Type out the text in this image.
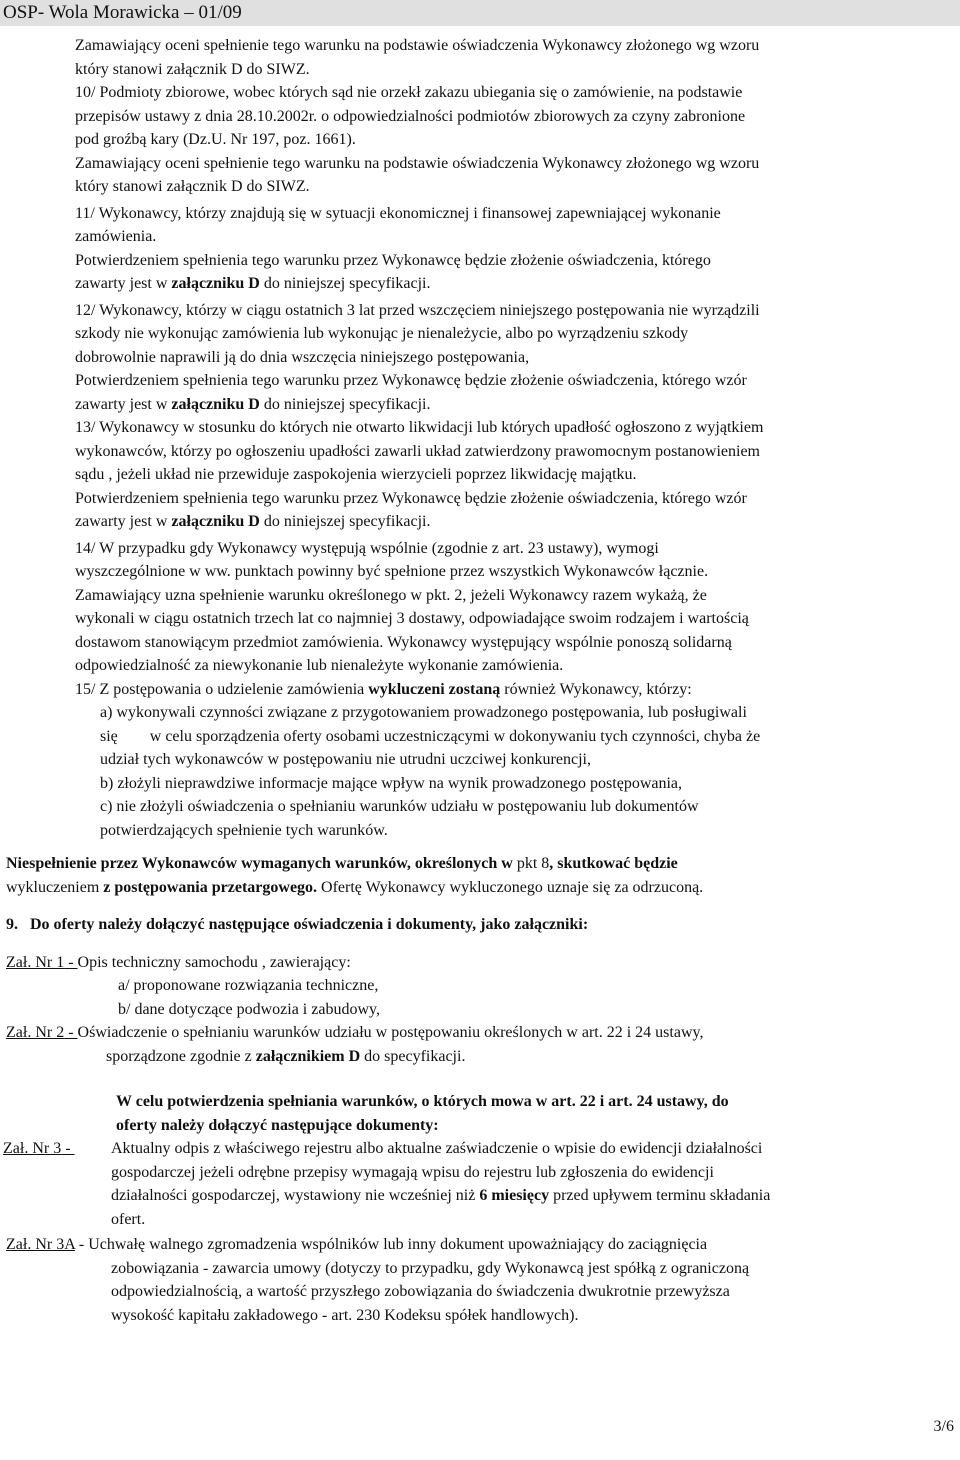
OSP- Wola Morawicka – 01/09

Zamawiający oceni spełnienie tego warunku na podstawie oświadczenia Wykonawcy złożonego wg wzoru

który stanowi załącznik D do SIWZ.

10/ Podmioty zbiorowe, wobec których sąd nie orzekł zakazu ubiegania się o zamówienie, na podstawie

przepisów ustawy z dnia 28.10.2002r. o odpowiedzialności podmiotów zbiorowych za czyny zabronione

pod groźbą kary (Dz.U. Nr 197, poz. 1661).

Zamawiający oceni spełnienie tego warunku na podstawie oświadczenia Wykonawcy złożonego wg wzoru

który stanowi załącznik D do SIWZ.

11/ Wykonawcy, którzy znajdują się w sytuacji ekonomicznej i finansowej zapewniającej wykonanie

zamówienia.

Potwierdzeniem spełnienia tego warunku przez Wykonawcę będzie złożenie oświadczenia, którego

zawarty jest w załączniku D do niniejszej specyfikacji.

12/ Wykonawcy, którzy w ciągu ostatnich 3 lat przed wszczęciem niniejszego postępowania nie wyrządzili

szkody nie wykonując zamówienia lub wykonując je nienależycie, albo po wyrządzeniu szkody

dobrowolnie naprawili ją do dnia wszczęcia niniejszego postępowania,

Potwierdzeniem spełnienia tego warunku przez Wykonawcę będzie złożenie oświadczenia, którego wzór

zawarty jest w załączniku D do niniejszej specyfikacji.

13/ Wykonawcy w stosunku do których nie otwarto likwidacji lub których upadłość ogłoszono z wyjątkiem

wykonawców, którzy po ogłoszeniu upadłości zawarli układ zatwierdzony prawomocnym postanowieniem

sądu , jeżeli układ nie przewiduje zaspokojenia wierzycieli poprzez likwidację majątku.

Potwierdzeniem spełnienia tego warunku przez Wykonawcę będzie złożenie oświadczenia, którego wzór

zawarty jest w załączniku D do niniejszej specyfikacji.

14/ W przypadku gdy Wykonawcy występują wspólnie (zgodnie z art. 23 ustawy), wymogi

wyszczególnione w ww. punktach powinny być spełnione przez wszystkich Wykonawców łącznie.

Zamawiający uzna spełnienie warunku określonego w pkt. 2, jeżeli Wykonawcy razem wykażą, że

wykonali w ciągu ostatnich trzech lat co najmniej 3 dostawy, odpowiadające swoim rodzajem i wartością

dostawom stanowiącym przedmiot zamówienia. Wykonawcy występujący wspólnie ponoszą solidarną

odpowiedzialność za niewykonanie lub nienależyte wykonanie zamówienia.

15/ Z postępowania o udzielenie zamówienia wykluczeni zostaną również Wykonawcy, którzy:

a) wykonywali czynności związane z przygotowaniem prowadzonego postępowania, lub posługiwali

się        w celu sporządzenia oferty osobami uczestniczącymi w dokonywaniu tych czynności, chyba że

udział tych wykonawców w postępowaniu nie utrudni uczciwej konkurencji,

b) złożyli nieprawdziwe informacje mające wpływ na wynik prowadzonego postępowania,

c) nie złożyli oświadczenia o spełnianiu warunków udziału w postępowaniu lub dokumentów

potwierdzających spełnienie tych warunków.

Niespełnienie przez Wykonawców wymaganych warunków, określonych w pkt 8, skutkować będzie

wykluczeniem z postępowania przetargowego. Ofertę Wykonawcy wykluczonego uznaje się za odrzuconą.

9.   Do oferty należy dołączyć następujące oświadczenia i dokumenty, jako załączniki:

Zał. Nr 1 - Opis techniczny samochodu , zawierający:

a/ proponowane rozwiązania techniczne,

b/ dane dotyczące podwozia i zabudowy,

Zał. Nr 2 - Oświadczenie o spełnianiu warunków udziału w postępowaniu określonych w art. 22 i 24 ustawy,

sporządzone zgodnie z załącznikiem D do specyfikacji.

W celu potwierdzenia spełniania warunków, o których mowa w art. 22 i art. 24 ustawy, do

oferty należy dołączyć następujące dokumenty:

Zał. Nr 3 -	Aktualny odpis z właściwego rejestru albo aktualne zaświadczenie o wpisie do ewidencji działalności

gospodarczej jeżeli odrębne przepisy wymagają wpisu do rejestru lub zgłoszenia do ewidencji

działalności gospodarczej, wystawiony nie wcześniej niż 6 miesięcy przed upływem terminu składania

ofert.

Zał. Nr 3A - Uchwałę walnego zgromadzenia wspólników lub inny dokument upoważniający do zaciągnięcia

zobowiązania - zawarcia umowy (dotyczy to przypadku, gdy Wykonawcą jest spółką z ograniczoną

odpowiedzialnością, a wartość przyszłego zobowiązania do świadczenia dwukrotnie przewyższa

wysokość kapitału zakładowego - art. 230 Kodeksu spółek handlowych).

3/6
